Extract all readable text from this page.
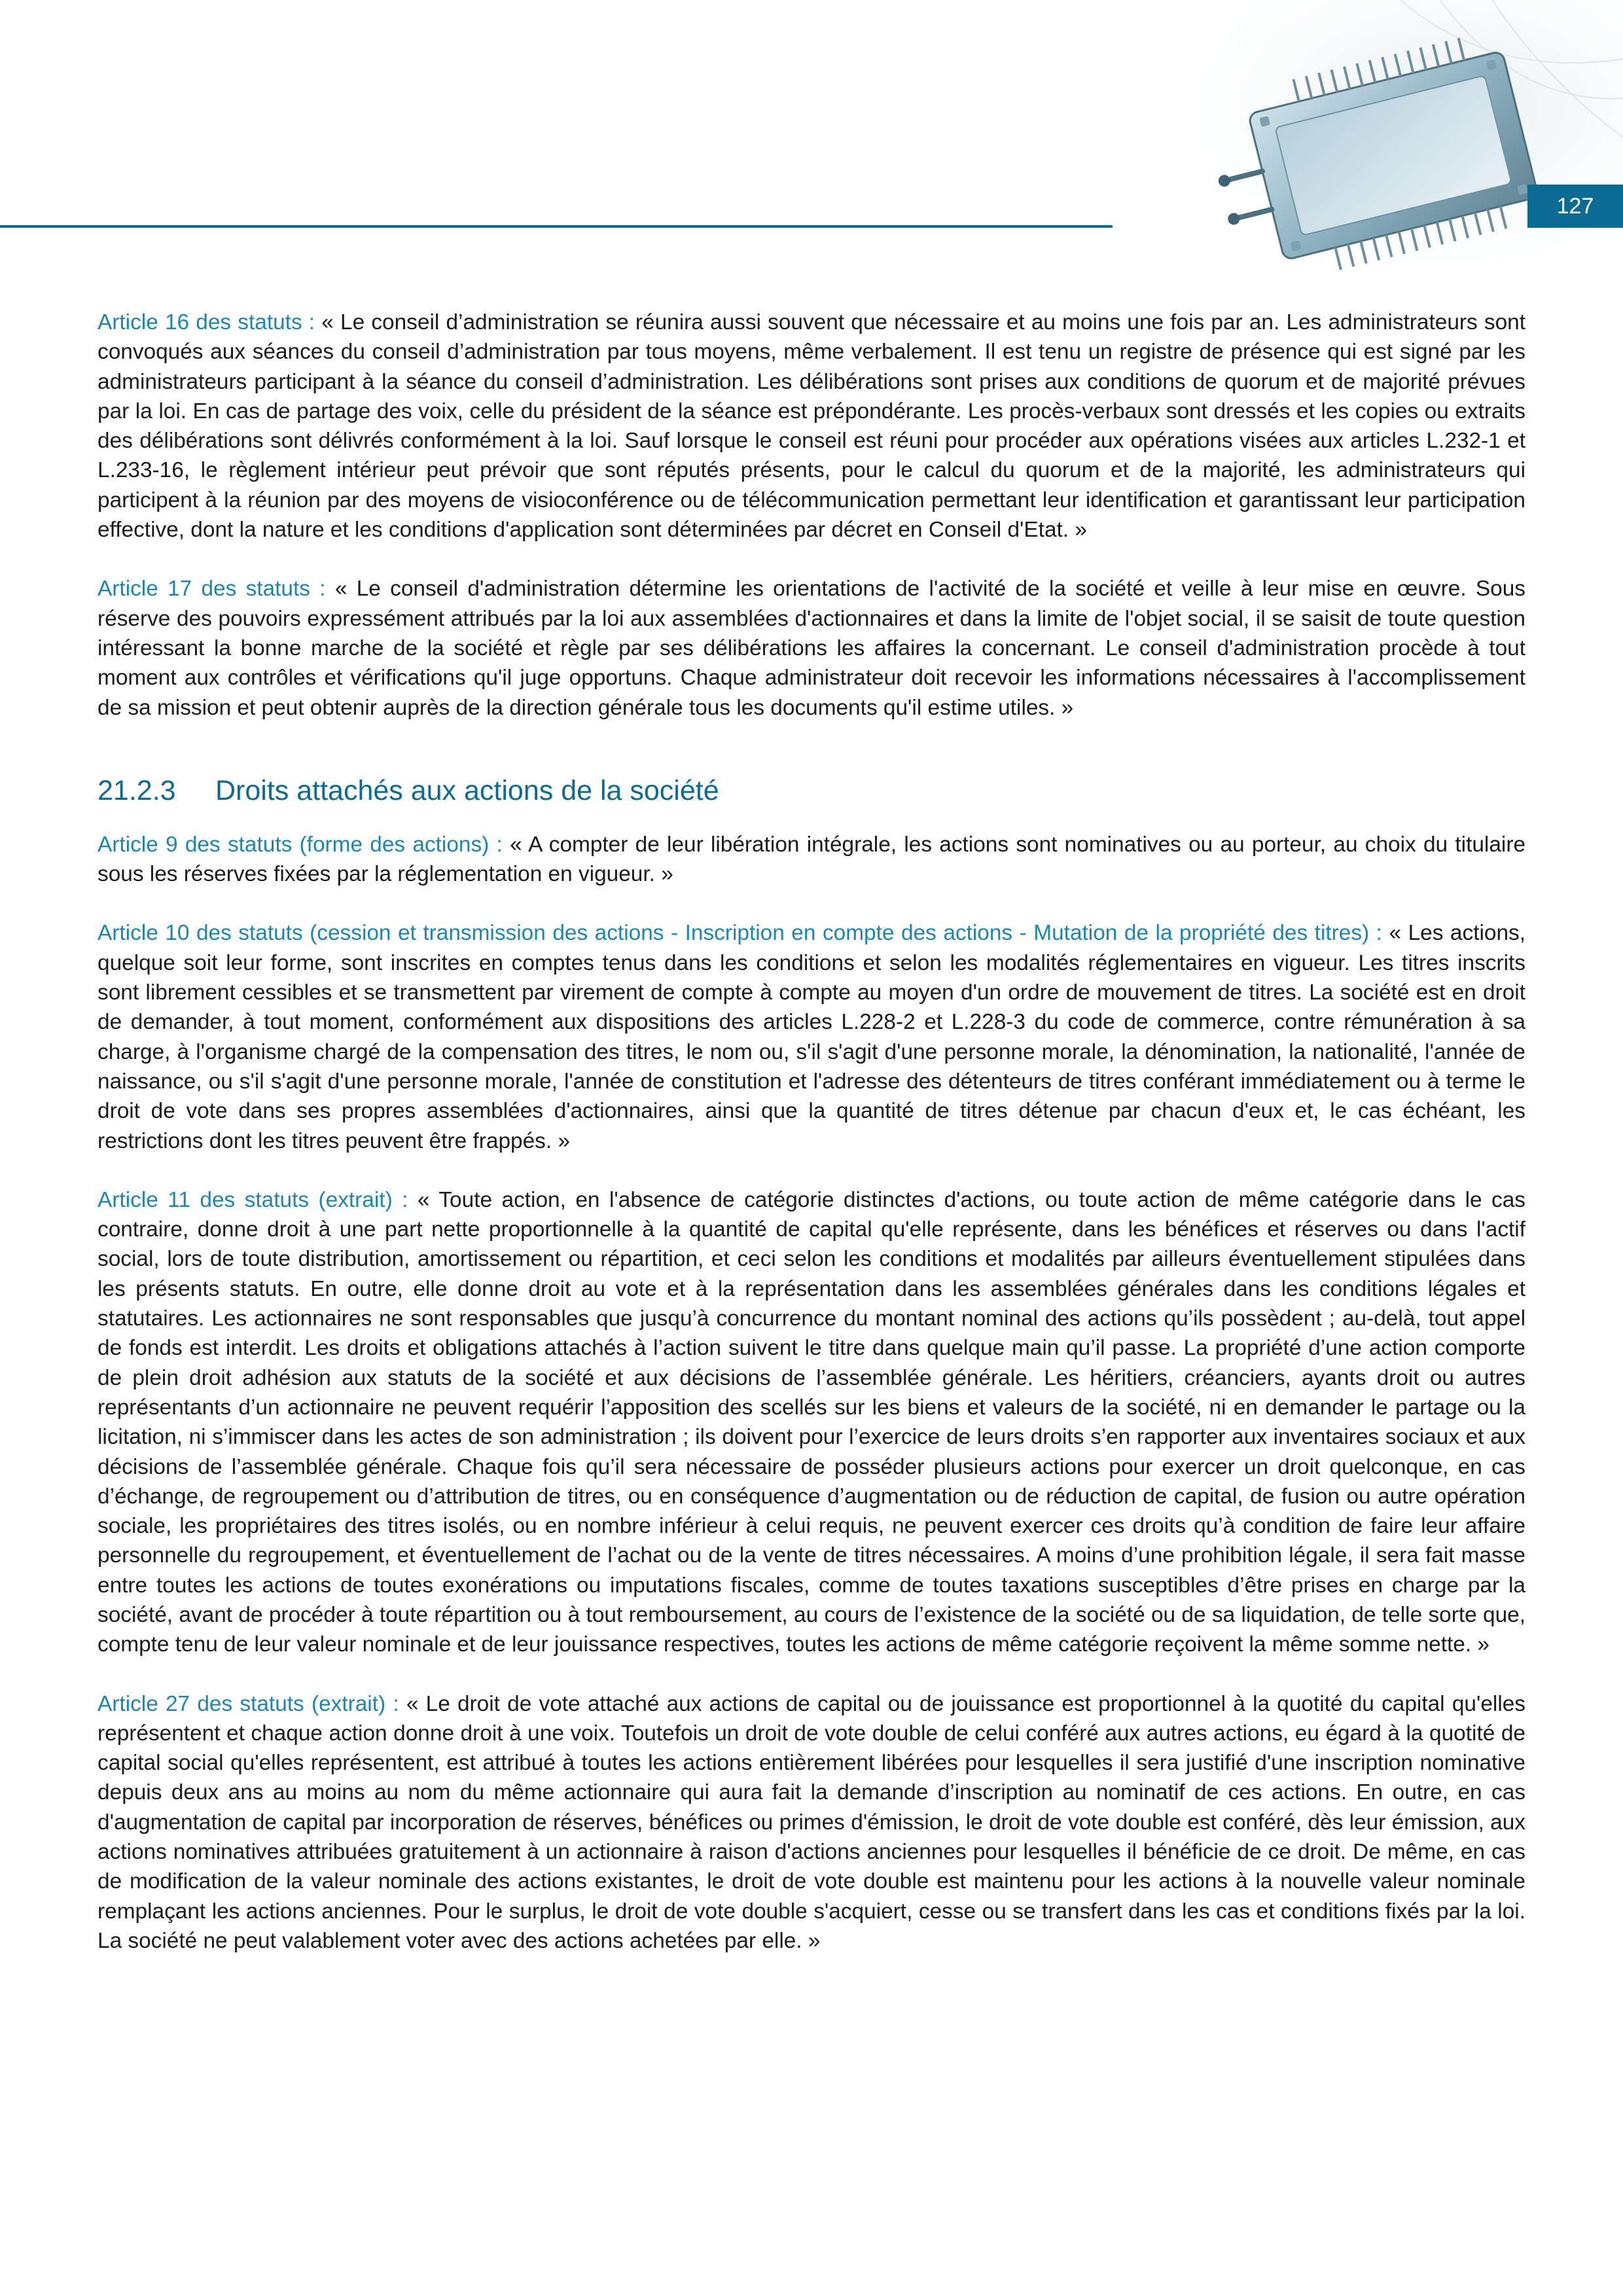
127

Article 16 des statuts : « Le conseil d’administration se réunira aussi souvent que nécessaire et au moins une fois par an. Les administrateurs sont convoqués aux séances du conseil d’administration par tous moyens, même verbalement. Il est tenu un registre de présence qui est signé par les administrateurs participant à la séance du conseil d’administration. Les délibérations sont prises aux conditions de quorum et de majorité prévues par la loi. En cas de partage des voix, celle du président de la séance est prépondérante. Les procès-verbaux sont dressés et les copies ou extraits des délibérations sont délivrés conformément à la loi. Sauf lorsque le conseil est réuni pour procéder aux opérations visées aux articles L.232-1 et L.233-16, le règlement intérieur peut prévoir que sont réputés présents, pour le calcul du quorum et de la majorité, les administrateurs qui participent à la réunion par des moyens de visioconférence ou de télécommunication permettant leur identification et garantissant leur participation effective, dont la nature et les conditions d'application sont déterminées par décret en Conseil d'Etat. »

Article 17 des statuts : « Le conseil d'administration détermine les orientations de l'activité de la société et veille à leur mise en œuvre. Sous réserve des pouvoirs expressément attribués par la loi aux assemblées d'actionnaires et dans la limite de l'objet social, il se saisit de toute question intéressant la bonne marche de la société et règle par ses délibérations les affaires la concernant. Le conseil d'administration procède à tout moment aux contrôles et vérifications qu'il juge opportuns. Chaque administrateur doit recevoir les informations nécessaires à l'accomplissement de sa mission et peut obtenir auprès de la direction générale tous les documents qu'il estime utiles. »

21.2.3 Droits attachés aux actions de la société

Article 9 des statuts (forme des actions) : « A compter de leur libération intégrale, les actions sont nominatives ou au porteur, au choix du titulaire sous les réserves fixées par la réglementation en vigueur. »

Article 10 des statuts (cession et transmission des actions - Inscription en compte des actions - Mutation de la propriété des titres) : « Les actions, quelque soit leur forme, sont inscrites en comptes tenus dans les conditions et selon les modalités réglementaires en vigueur. Les titres inscrits sont librement cessibles et se transmettent par virement de compte à compte au moyen d'un ordre de mouvement de titres. La société est en droit de demander, à tout moment, conformément aux dispositions des articles L.228-2 et L.228-3 du code de commerce, contre rémunération à sa charge, à l'organisme chargé de la compensation des titres, le nom ou, s'il s'agit d'une personne morale, la dénomination, la nationalité, l'année de naissance, ou s'il s'agit d'une personne morale, l'année de constitution et l'adresse des détenteurs de titres conférant immédiatement ou à terme le droit de vote dans ses propres assemblées d'actionnaires, ainsi que la quantité de titres détenue par chacun d'eux et, le cas échéant, les restrictions dont les titres peuvent être frappés. »

Article 11 des statuts (extrait) : « Toute action, en l'absence de catégorie distinctes d'actions, ou toute action de même catégorie dans le cas contraire, donne droit à une part nette proportionnelle à la quantité de capital qu'elle représente, dans les bénéfices et réserves ou dans l'actif social, lors de toute distribution, amortissement ou répartition, et ceci selon les conditions et modalités par ailleurs éventuellement stipulées dans les présents statuts. En outre, elle donne droit au vote et à la représentation dans les assemblées générales dans les conditions légales et statutaires. Les actionnaires ne sont responsables que jusqu’à concurrence du montant nominal des actions qu’ils possèdent ; au-delà, tout appel de fonds est interdit. Les droits et obligations attachés à l’action suivent le titre dans quelque main qu’il passe. La propriété d’une action comporte de plein droit adhésion aux statuts de la société et aux décisions de l’assemblée générale. Les héritiers, créanciers, ayants droit ou autres représentants d’un actionnaire ne peuvent requérir l’apposition des scellés sur les biens et valeurs de la société, ni en demander le partage ou la licitation, ni s’immiscer dans les actes de son administration ; ils doivent pour l’exercice de leurs droits s’en rapporter aux inventaires sociaux et aux décisions de l’assemblée générale. Chaque fois qu’il sera nécessaire de posséder plusieurs actions pour exercer un droit quelconque, en cas d’échange, de regroupement ou d’attribution de titres, ou en conséquence d’augmentation ou de réduction de capital, de fusion ou autre opération sociale, les propriétaires des titres isolés, ou en nombre inférieur à celui requis, ne peuvent exercer ces droits qu’à condition de faire leur affaire personnelle du regroupement, et éventuellement de l’achat ou de la vente de titres nécessaires. A moins d’une prohibition légale, il sera fait masse entre toutes les actions de toutes exonérations ou imputations fiscales, comme de toutes taxations susceptibles d’être prises en charge par la société, avant de procéder à toute répartition ou à tout remboursement, au cours de l’existence de la société ou de sa liquidation, de telle sorte que, compte tenu de leur valeur nominale et de leur jouissance respectives, toutes les actions de même catégorie reçoivent la même somme nette. »

Article 27 des statuts (extrait) : « Le droit de vote attaché aux actions de capital ou de jouissance est proportionnel à la quotité du capital qu'elles représentent et chaque action donne droit à une voix. Toutefois un droit de vote double de celui conféré aux autres actions, eu égard à la quotité de capital social qu'elles représentent, est attribué à toutes les actions entièrement libérées pour lesquelles il sera justifié d'une inscription nominative depuis deux ans au moins au nom du même actionnaire qui aura fait la demande d’inscription au nominatif de ces actions. En outre, en cas d'augmentation de capital par incorporation de réserves, bénéfices ou primes d'émission, le droit de vote double est conféré, dès leur émission, aux actions nominatives attribuées gratuitement à un actionnaire à raison d'actions anciennes pour lesquelles il bénéficie de ce droit. De même, en cas de modification de la valeur nominale des actions existantes, le droit de vote double est maintenu pour les actions à la nouvelle valeur nominale remplaçant les actions anciennes. Pour le surplus, le droit de vote double s'acquiert, cesse ou se transfert dans les cas et conditions fixés par la loi. La société ne peut valablement voter avec des actions achetées par elle. »
